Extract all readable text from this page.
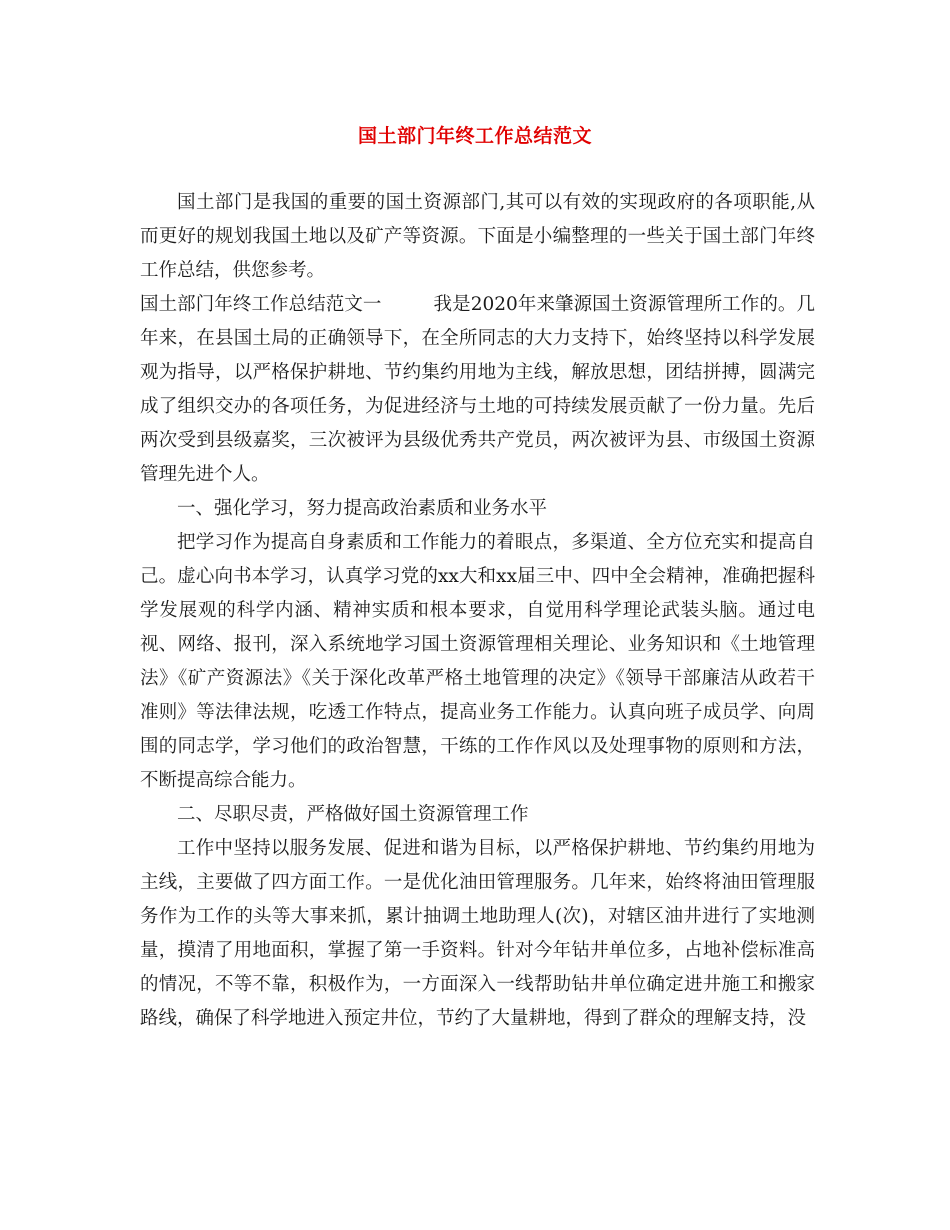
国土部门年终工作总结范文

国土部门是我国的重要的国土资源部门,其可以有效的实现政府的各项职能,从而更好的规划我国土地以及矿产等资源。下面是小编整理的一些关于国土部门年终工作总结，供您参考。

国土部门年终工作总结范文一	我是2020年来肇源国土资源管理所工作的。几年来，在县国土局的正确领导下，在全所同志的大力支持下，始终坚持以科学发展观为指导，以严格保护耕地、节约集约用地为主线，解放思想，团结拼搏，圆满完成了组织交办的各项任务，为促进经济与土地的可持续发展贡献了一份力量。先后两次受到县级嘉奖，三次被评为县级优秀共产党员，两次被评为县、市级国土资源管理先进个人。

一、强化学习，努力提高政治素质和业务水平

把学习作为提高自身素质和工作能力的着眼点，多渠道、全方位充实和提高自己。虚心向书本学习，认真学习党的xx大和xx届三中、四中全会精神，准确把握科学发展观的科学内涵、精神实质和根本要求，自觉用科学理论武装头脑。通过电视、网络、报刊，深入系统地学习国土资源管理相关理论、业务知识和《土地管理法》《矿产资源法》《关于深化改革严格土地管理的决定》《领导干部廉洁从政若干准则》等法律法规，吃透工作特点，提高业务工作能力。认真向班子成员学、向周围的同志学，学习他们的政治智慧，干练的工作作风以及处理事物的原则和方法，不断提高综合能力。

二、尽职尽责，严格做好国土资源管理工作

工作中坚持以服务发展、促进和谐为目标，以严格保护耕地、节约集约用地为主线，主要做了四方面工作。一是优化油田管理服务。几年来，始终将油田管理服务作为工作的头等大事来抓，累计抽调土地助理人(次)，对辖区油井进行了实地测量，摸清了用地面积，掌握了第一手资料。针对今年钻井单位多，占地补偿标准高的情况，不等不靠，积极作为，一方面深入一线帮助钻井单位确定进井施工和搬家路线，确保了科学地进入预定井位，节约了大量耕地，得到了群众的理解支持，没
